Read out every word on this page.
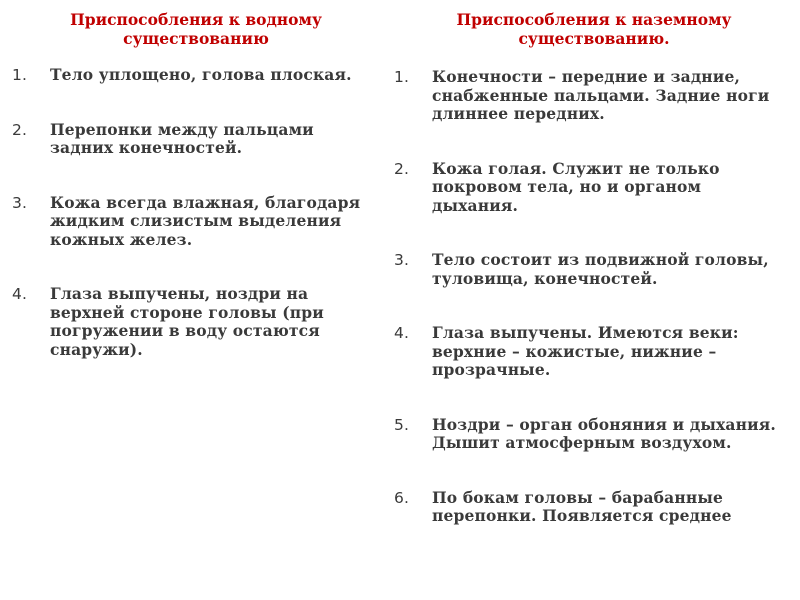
Приспособления к водному существованию
Приспособления к наземному существованию.
1. Тело уплощено, голова плоская.
2. Перепонки между пальцами задних конечностей.
3. Кожа всегда влажная, благодаря жидким слизистым выделения кожных желез.
4. Глаза выпучены, ноздри на верхней стороне головы (при погружении в воду остаются снаружи).
1. Конечности – передние и задние, снабженные пальцами. Задние ноги длиннее передних.
2. Кожа голая. Служит не только покровом тела, но и органом дыхания.
3. Тело состоит из подвижной головы, туловища, конечностей.
4. Глаза выпучены. Имеются веки: верхние – кожистые, нижние – прозрачные.
5. Ноздри – орган обоняния и дыхания. Дышит атмосферным воздухом.
6. По бокам головы – барабанные перепонки. Появляется среднее
